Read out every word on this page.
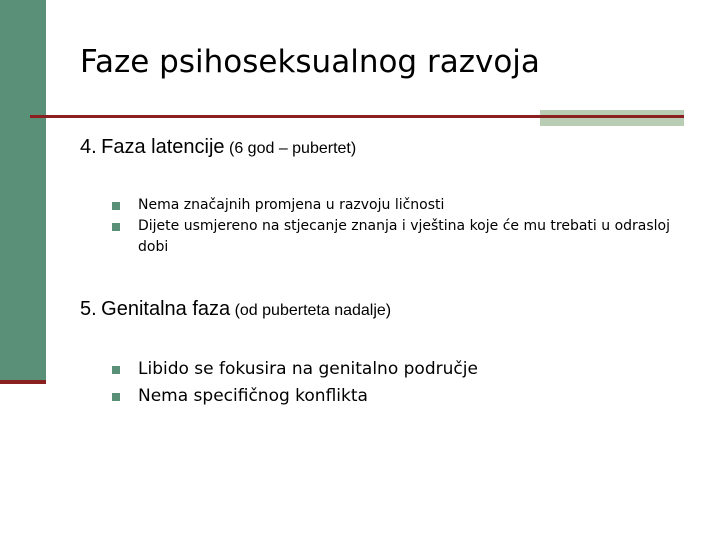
Faze psihoseksualnog razvoja
4. Faza latencije (6 god – pubertet)
Nema značajnih promjena u razvoju ličnosti
Dijete usmjereno na stjecanje znanja i vještina koje će mu trebati u odrasloj dobi
5. Genitalna faza (od puberteta nadalje)
Libido se fokusira na genitalno područje
Nema specifičnog konflikta
